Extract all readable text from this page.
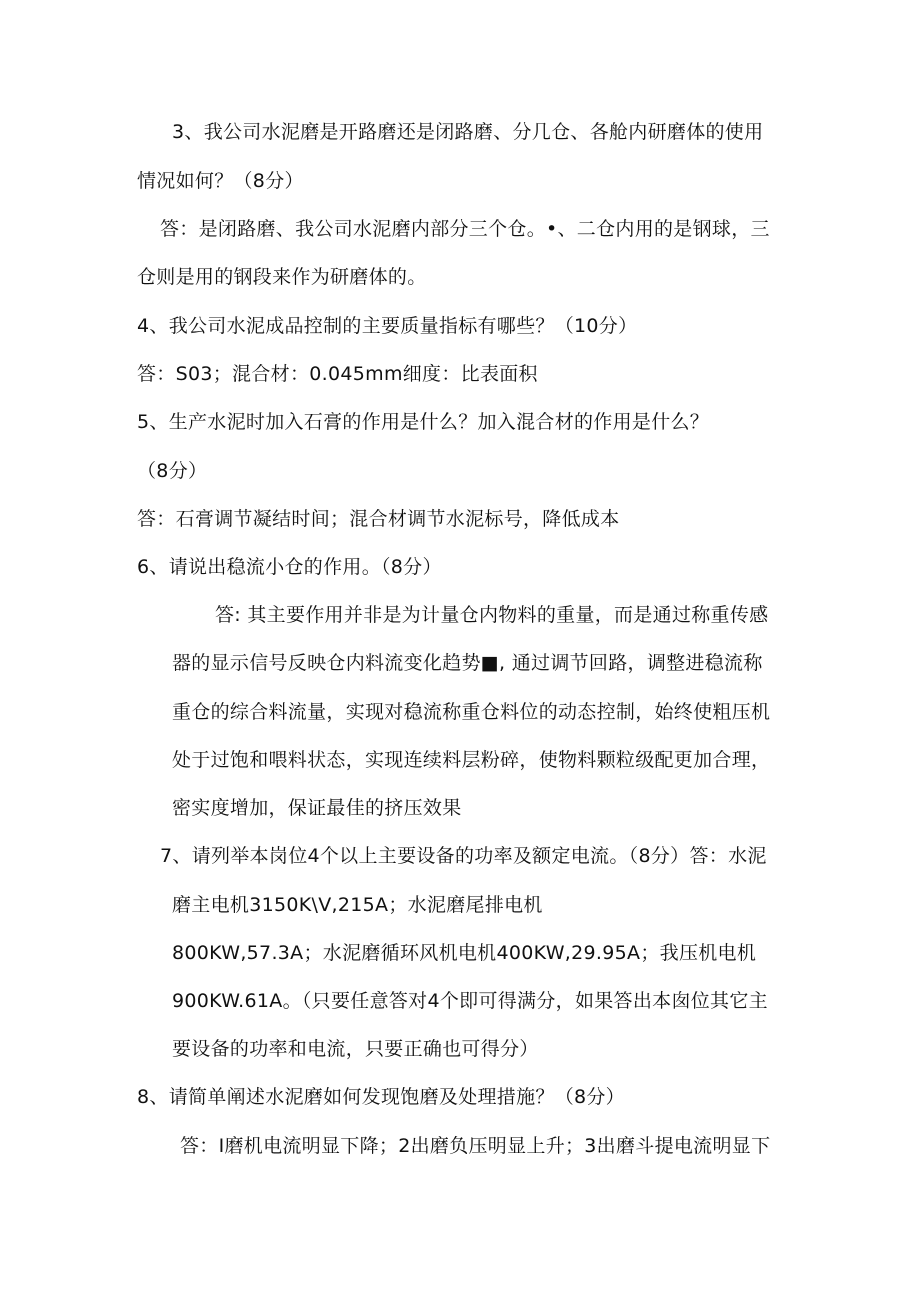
3、我公司水泥磨是开路磨还是闭路磨、分几仓、各舱内研磨体的使用
情况如何？（8分）
答：是闭路磨、我公司水泥磨内部分三个仓。•、二仓内用的是钢球，三
仓则是用的钢段来作为研磨体的。
4、我公司水泥成品控制的主要质量指标有哪些？（10分）
答：S03；混合材：0.045mm细度：比表面积
5、生产水泥时加入石膏的作用是什么？加入混合材的作用是什么？
（8分）
答：石膏调节凝结时间；混合材调节水泥标号，降低成本
6、请说出稳流小仓的作用。（8分）
答: 其主要作用并非是为计量仓内物料的重量，而是通过称重传感
器的显示信号反映仓内料流变化趋势■, 通过调节回路，调整进稳流称
重仓的综合料流量，实现对稳流称重仓料位的动态控制，始终使粗压机
处于过饱和喂料状态，实现连续料层粉碎，使物料颗粒级配更加合理，
密实度增加，保证最佳的挤压效果
7、请列举本岗位4个以上主要设备的功率及额定电流。（8分）答：水泥
磨主电机3150K\V,215A；水泥磨尾排电机
800KW,57.3A；水泥磨循环风机电机400KW,29.95A；我压机电机
900KW.61A。（只要任意答对4个即可得满分，如果答出本囱位其它主
要设备的功率和电流，只要正确也可得分）
8、请简单阐述水泥磨如何发现饱磨及处理措施？（8分）
答：I磨机电流明显下降；2出磨负压明显上升；3出磨斗提电流明显下
